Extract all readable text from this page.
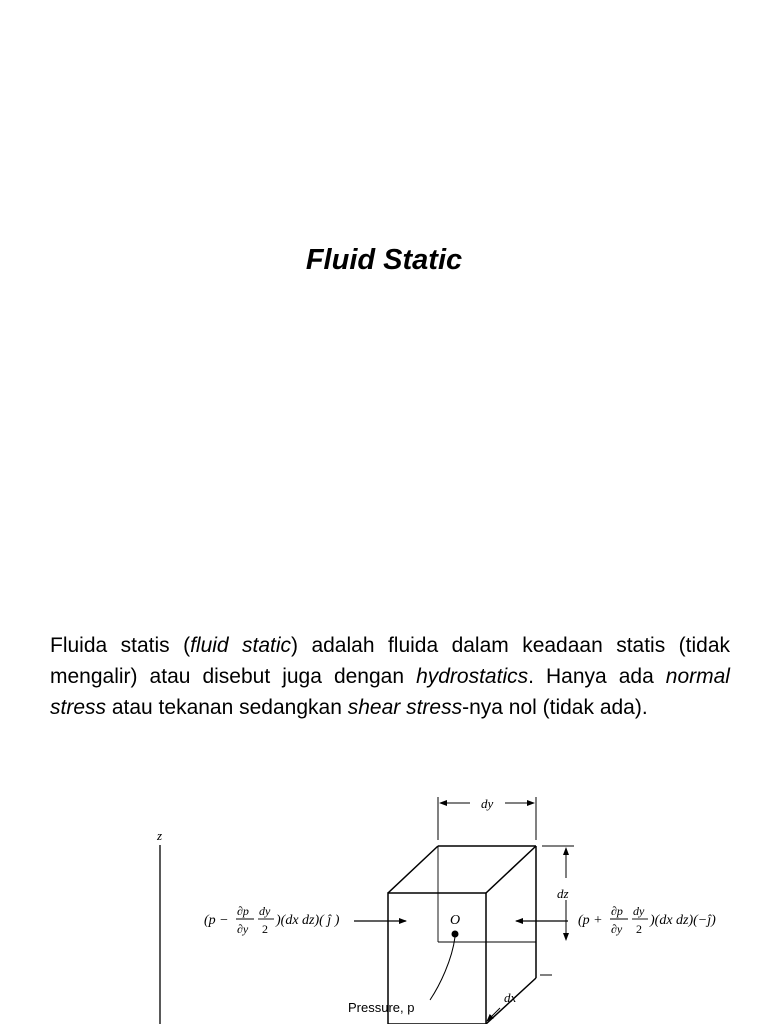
Fluid Static
Fluida statis (fluid static) adalah fluida dalam keadaan statis (tidak mengalir) atau disebut juga dengan hydrostatics. Hanya ada normal stress atau tekanan sedangkan shear stress-nya nol (tidak ada).
z
dy
dz
dx
O
Pressure, p
(p −
∂p
∂y
dy
2
)(dx dz)( ĵ )	(p +
∂p
∂y
dy
2
)(dx dz)(−ĵ)
